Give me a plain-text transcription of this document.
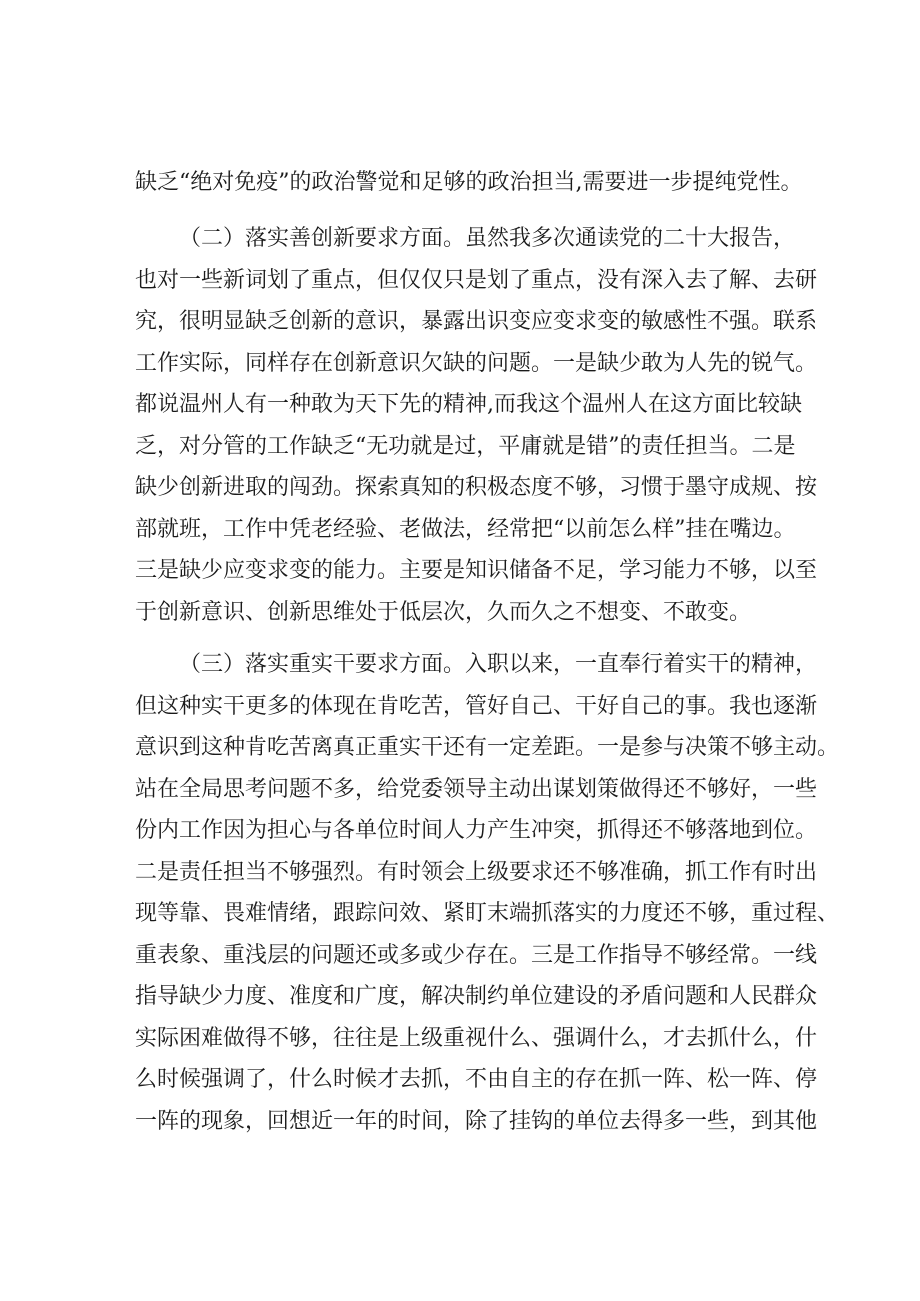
缺乏“绝对免疫”的政治警觉和足够的政治担当,需要进一步提纯党性。
（二）落实善创新要求方面。虽然我多次通读党的二十大报告，
也对一些新词划了重点，但仅仅只是划了重点，没有深入去了解、去研
究，很明显缺乏创新的意识，暴露出识变应变求变的敏感性不强。联系
工作实际，同样存在创新意识欠缺的问题。一是缺少敢为人先的锐气。
都说温州人有一种敢为天下先的精神,而我这个温州人在这方面比较缺
乏，对分管的工作缺乏“无功就是过，平庸就是错”的责任担当。二是
缺少创新进取的闯劲。探索真知的积极态度不够，习惯于墨守成规、按
部就班，工作中凭老经验、老做法，经常把“以前怎么样”挂在嘴边。
三是缺少应变求变的能力。主要是知识储备不足，学习能力不够，以至
于创新意识、创新思维处于低层次，久而久之不想变、不敢变。
（三）落实重实干要求方面。入职以来，一直奉行着实干的精神，
但这种实干更多的体现在肯吃苦，管好自己、干好自己的事。我也逐渐
意识到这种肯吃苦离真正重实干还有一定差距。一是参与决策不够主动。
站在全局思考问题不多，给党委领导主动出谋划策做得还不够好，一些
份内工作因为担心与各单位时间人力产生冲突，抓得还不够落地到位。
二是责任担当不够强烈。有时领会上级要求还不够准确，抓工作有时出
现等靠、畏难情绪，跟踪问效、紧盯末端抓落实的力度还不够，重过程、
重表象、重浅层的问题还或多或少存在。三是工作指导不够经常。一线
指导缺少力度、准度和广度，解决制约单位建设的矛盾问题和人民群众
实际困难做得不够，往往是上级重视什么、强调什么，才去抓什么，什
么时候强调了，什么时候才去抓，不由自主的存在抓一阵、松一阵、停
一阵的现象，回想近一年的时间，除了挂钩的单位去得多一些，到其他
